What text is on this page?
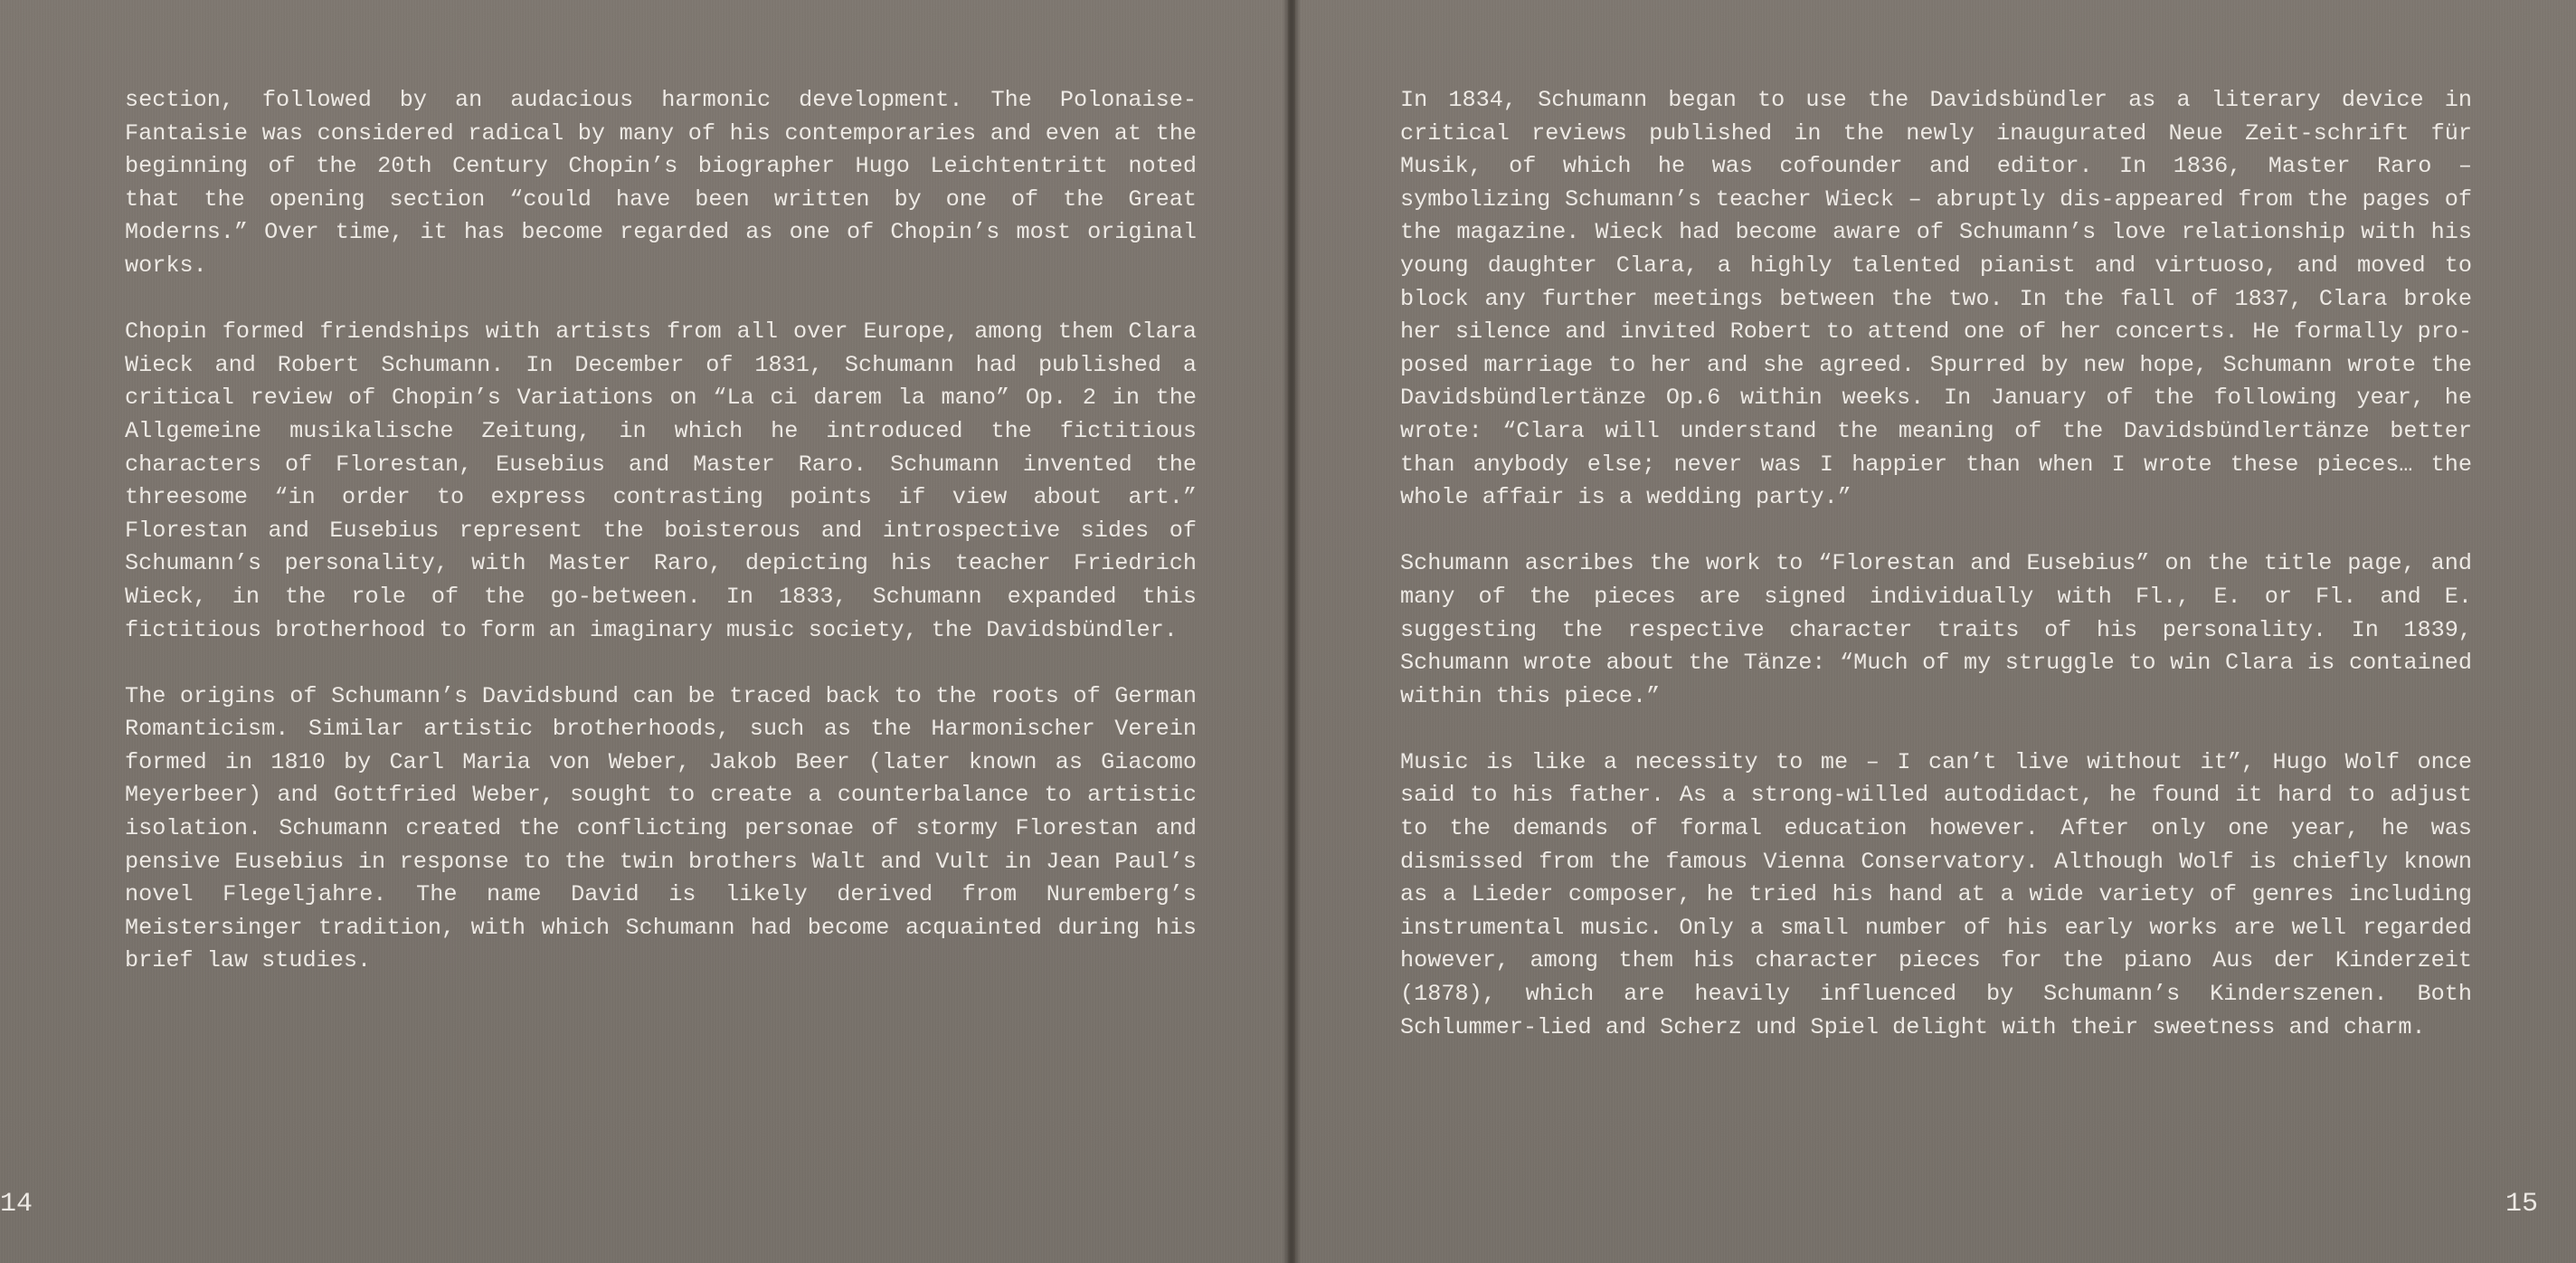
section, followed by an audacious harmonic development. The Polonaise-Fantaisie was considered radical by many of his contemporaries and even at the beginning of the 20th Century Chopin’s biographer Hugo Leichtentritt noted that the opening section “could have been written by one of the Great Moderns.” Over time, it has become regarded as one of Chopin’s most original works.

Chopin formed friendships with artists from all over Europe, among them Clara Wieck and Robert Schumann. In December of 1831, Schumann had published a critical review of Chopin’s Variations on “La ci darem la mano” Op. 2 in the Allgemeine musikalische Zeitung, in which he introduced the fictitious characters of Florestan, Eusebius and Master Raro. Schumann invented the threesome “in order to express contrasting points if view about art.” Florestan and Eusebius represent the boisterous and introspective sides of Schumann’s personality, with Master Raro, depicting his teacher Friedrich Wieck, in the role of the go-between. In 1833, Schumann expanded this fictitious brotherhood to form an imaginary music society, the Davidsbündler.

The origins of Schumann’s Davidsbund can be traced back to the roots of German Romanticism. Similar artistic brotherhoods, such as the Harmonischer Verein formed in 1810 by Carl Maria von Weber, Jakob Beer (later known as Giacomo Meyerbeer) and Gottfried Weber, sought to create a counterbalance to artistic isolation. Schumann created the conflicting personae of stormy Florestan and pensive Eusebius in response to the twin brothers Walt and Vult in Jean Paul’s novel Flegeljahre. The name David is likely derived from Nuremberg’s Meistersinger tradition, with which Schumann had become acquainted during his brief law studies.

14

In 1834, Schumann began to use the Davidsbündler as a literary device in critical reviews published in the newly inaugurated Neue Zeit-schrift für Musik, of which he was cofounder and editor. In 1836, Master Raro – symbolizing Schumann’s teacher Wieck – abruptly dis-appeared from the pages of the magazine. Wieck had become aware of Schumann’s love relationship with his young daughter Clara, a highly talented pianist and virtuoso, and moved to block any further meetings between the two. In the fall of 1837, Clara broke her silence and invited Robert to attend one of her concerts. He formally pro-posed marriage to her and she agreed. Spurred by new hope, Schumann wrote the Davidsbündlertänze Op.6 within weeks. In January of the following year, he wrote: “Clara will understand the meaning of the Davidsbündlertänze better than anybody else; never was I happier than when I wrote these pieces… the whole affair is a wedding party.”

Schumann ascribes the work to “Florestan and Eusebius” on the title page, and many of the pieces are signed individually with Fl., E. or Fl. and E. suggesting the respective character traits of his personality. In 1839, Schumann wrote about the Tänze: “Much of my struggle to win Clara is contained within this piece.”

Music is like a necessity to me – I can’t live without it”, Hugo Wolf once said to his father. As a strong-willed autodidact, he found it hard to adjust to the demands of formal education however. After only one year, he was dismissed from the famous Vienna Conservatory. Although Wolf is chiefly known as a Lieder composer, he tried his hand at a wide variety of genres including instrumental music. Only a small number of his early works are well regarded however, among them his character pieces for the piano Aus der Kinderzeit (1878), which are heavily influenced by Schumann’s Kinderszenen. Both Schlummer-lied and Scherz und Spiel delight with their sweetness and charm.

15
